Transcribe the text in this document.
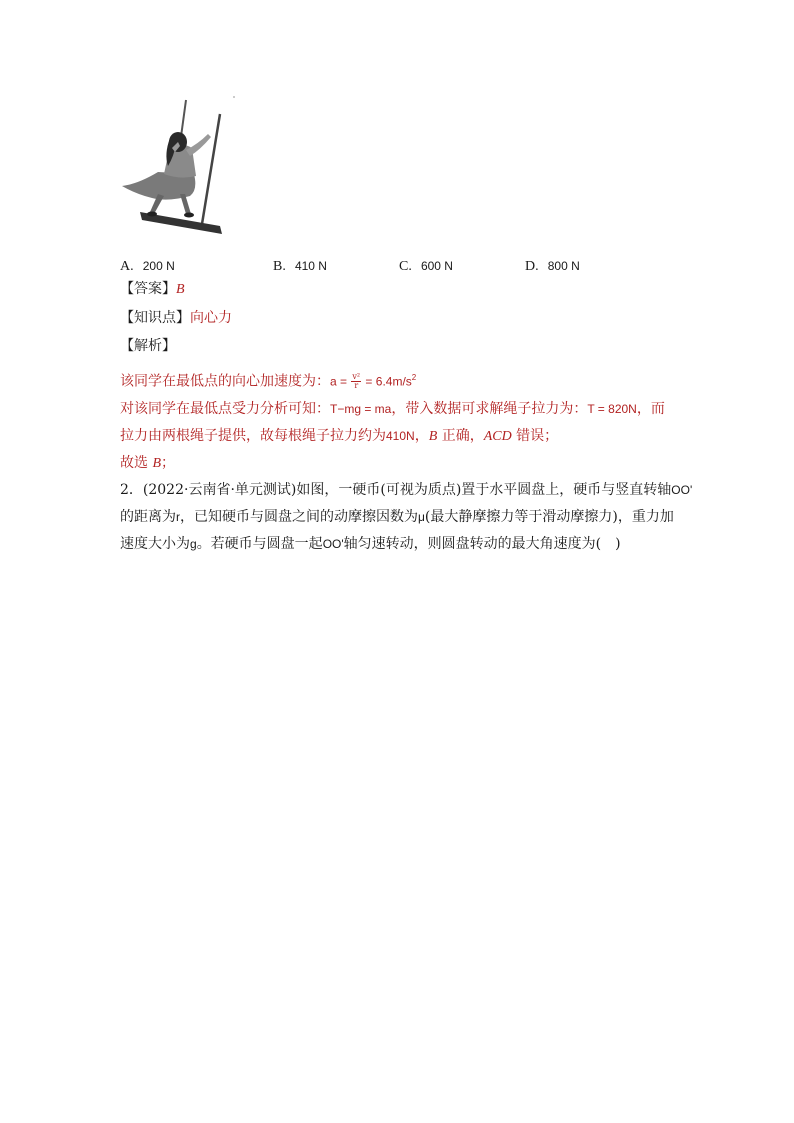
A. 200 N	B. 410 N	C. 600 N	D. 800 N
【答案】B
【知识点】向心力
【解析】
该同学在最低点的向心加速度为：$a = \frac{\text{v²}}{r} = 6.4m/s^2$
对该同学在最低点受力分析可知：T−mg = ma，带入数据可求解绳子拉力为：T = 820N，而
拉力由两根绳子提供，故每根绳子拉力约为410N，B 正确，ACD 错误；
故选 B；
2．(2022·云南省·单元测试)如图，一硬币(可视为质点)置于水平圆盘上，硬币与竖直转轴OO'
的距离为r，已知硬币与圆盘之间的动摩擦因数为μ(最大静摩擦力等于滑动摩擦力)，重力加
速度大小为g。若硬币与圆盘一起OO'轴匀速转动，则圆盘转动的最大角速度为(　)
